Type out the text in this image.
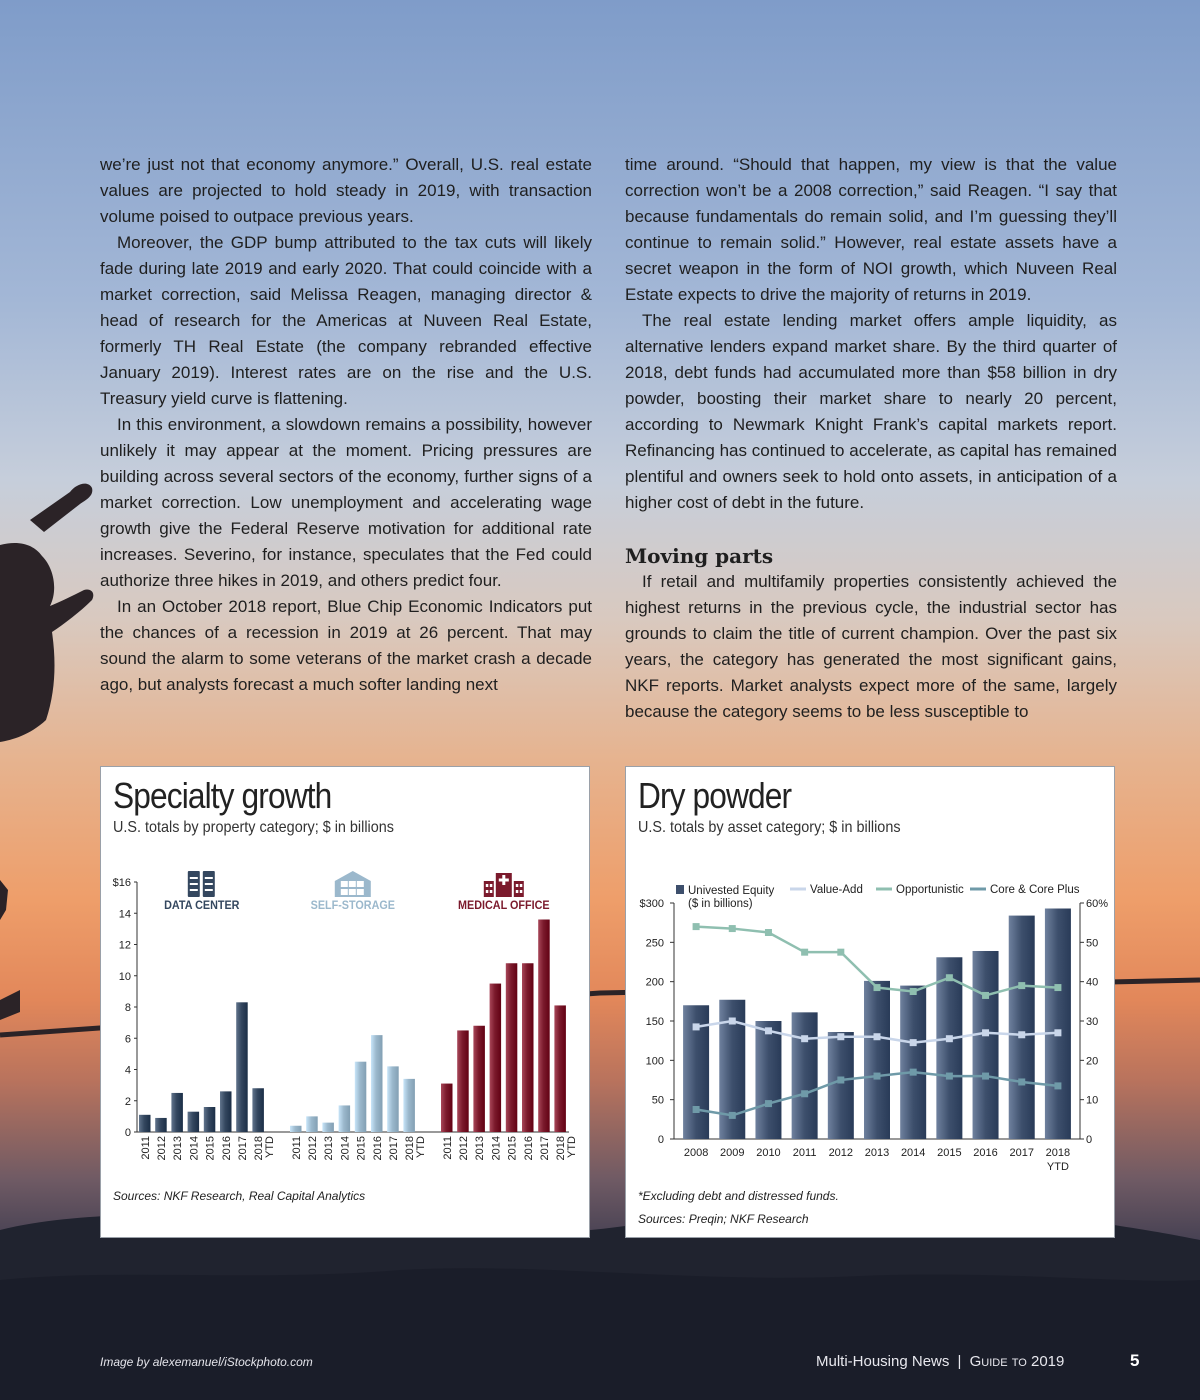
we’re just not that economy anymore.” Overall, U.S. real estate values are projected to hold steady in 2019, with transaction volume poised to outpace previous years.

Moreover, the GDP bump attributed to the tax cuts will likely fade during late 2019 and early 2020. That could coincide with a market correction, said Melissa Reagen, managing director & head of research for the Americas at Nuveen Real Estate, formerly TH Real Estate (the company rebranded effective January 2019). Interest rates are on the rise and the U.S. Treasury yield curve is flattening.

In this environment, a slowdown remains a possibility, however unlikely it may appear at the moment. Pricing pressures are building across several sectors of the economy, further signs of a market correction. Low unemployment and accelerating wage growth give the Federal Reserve motivation for additional rate increases. Severino, for instance, speculates that the Fed could authorize three hikes in 2019, and others predict four.

In an October 2018 report, Blue Chip Economic Indicators put the chances of a recession in 2019 at 26 percent. That may sound the alarm to some veterans of the market crash a decade ago, but analysts forecast a much softer landing next

time around. “Should that happen, my view is that the value correction won’t be a 2008 correction,” said Reagen. “I say that because fundamentals do remain solid, and I’m guessing they’ll continue to remain solid.” However, real estate assets have a secret weapon in the form of NOI growth, which Nuveen Real Estate expects to drive the majority of returns in 2019.

The real estate lending market offers ample liquidity, as alternative lenders expand market share. By the third quarter of 2018, debt funds had accumulated more than $58 billion in dry powder, boosting their market share to nearly 20 percent, according to Newmark Knight Frank’s capital markets report. Refinancing has continued to accelerate, as capital has remained plentiful and owners seek to hold onto assets, in anticipation of a higher cost of debt in the future.

Moving parts

If retail and multifamily properties consistently achieved the highest returns in the previous cycle, the industrial sector has grounds to claim the title of current champion. Over the past six years, the category has generated the most significant gains, NKF reports. Market analysts expect more of the same, largely because the category seems to be less susceptible to

Specialty growth
U.S. totals by property category; $ in billions
$16
14
12
10
8
6
4
2
0
2011 2012 2013 2014 2015 2016 2017 2018 YTD
DATA CENTER
2011 2012 2013 2014 2015 2016 2017 2018 YTD
SELF-STORAGE
2011 2012 2013 2014 2015 2016 2017 2018 YTD
MEDICAL OFFICE
Sources: NKF Research, Real Capital Analytics
Dry powder
U.S. totals by asset category; $ in billions
$300
250
200
150
100
50
0
60%
50
40
30
20
10
0
2008 2009 2010 2011 2012 2013 2014 2015 2016 2017 2018
YTD
Univested Equity
($ in billions)
Value-Add	Opportunistic Core & Core Plus
*Excluding debt and distressed funds.
Sources: Preqin; NKF Research
Image by alexemanuel/iStockphoto.com	Multi-Housing News | Guide to 2019	5
